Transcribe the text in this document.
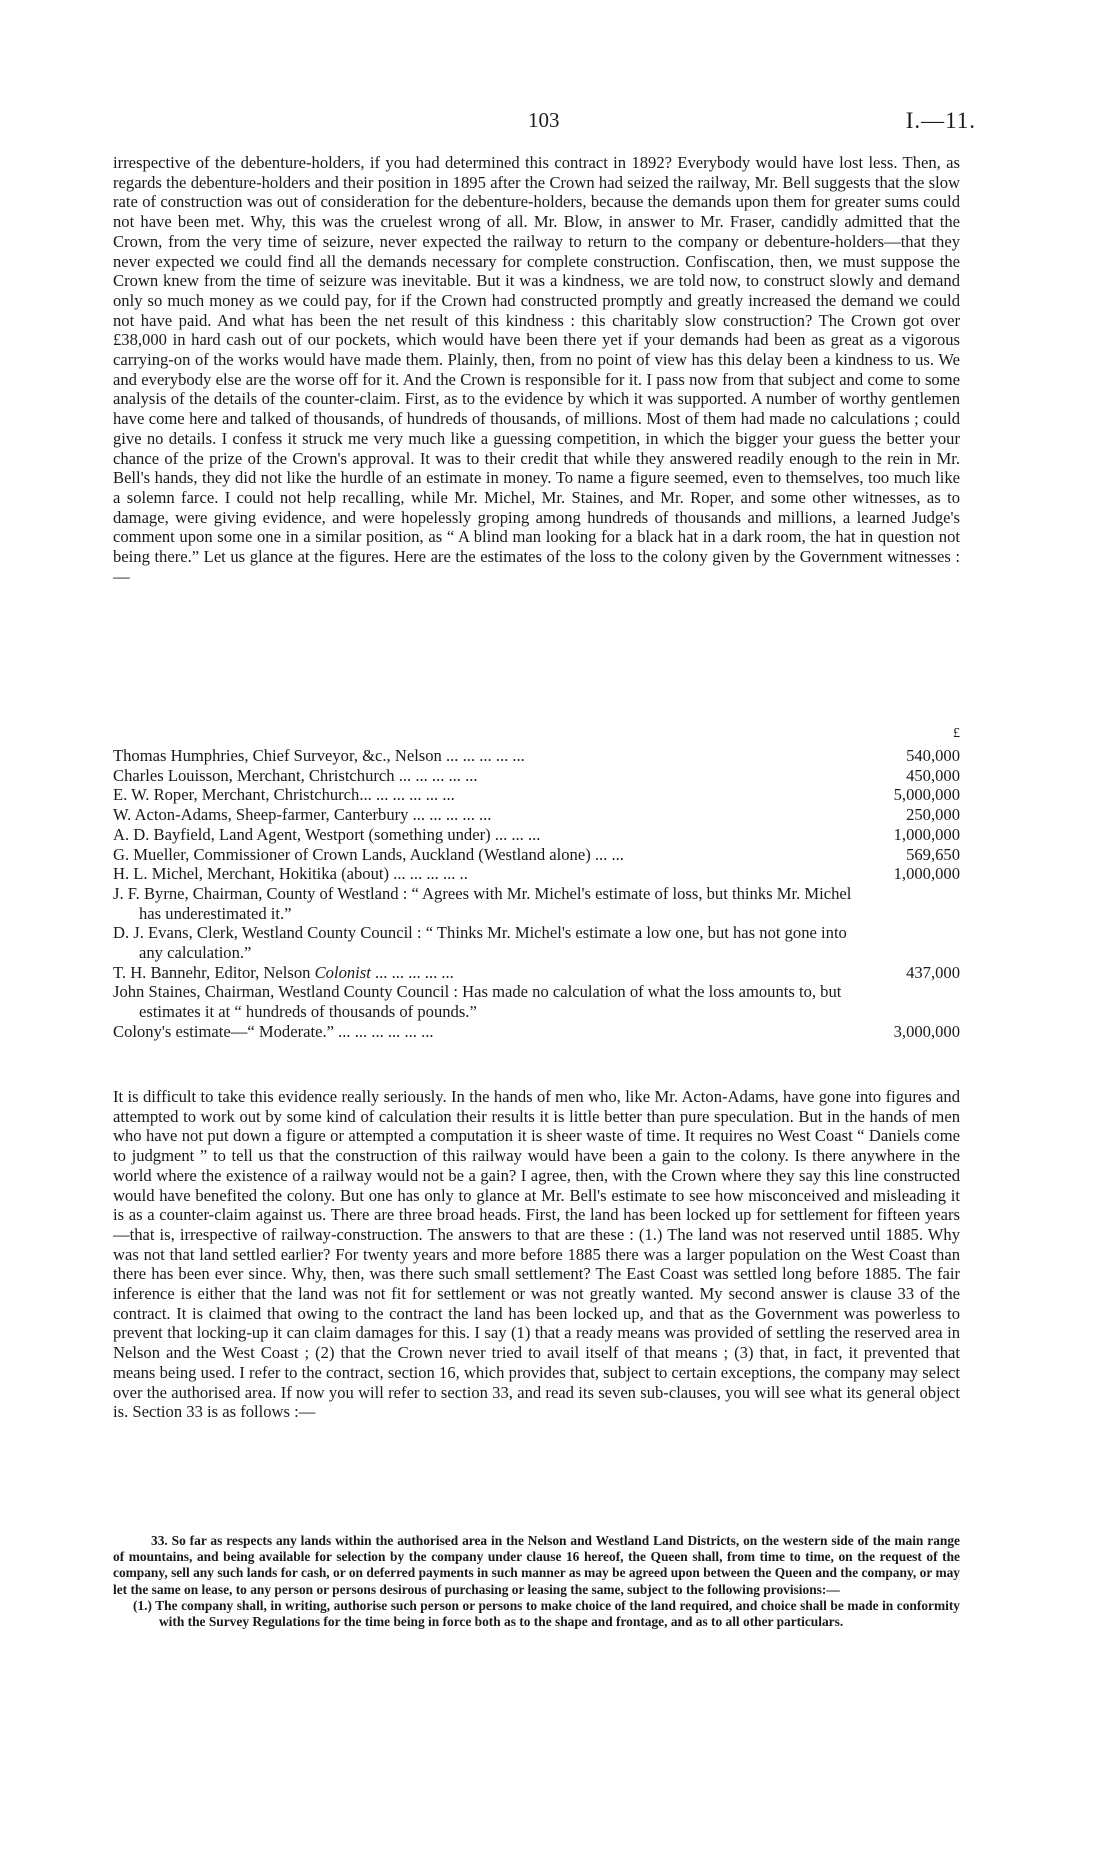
103	I.—11.

irrespective of the debenture-holders, if you had determined this contract in 1892? Everybody would have lost less. Then, as regards the debenture-holders and their position in 1895 after the Crown had seized the railway, Mr. Bell suggests that the slow rate of construction was out of consideration for the debenture-holders, because the demands upon them for greater sums could not have been met. Why, this was the cruelest wrong of all. Mr. Blow, in answer to Mr. Fraser, candidly admitted that the Crown, from the very time of seizure, never expected the railway to return to the company or debenture-holders—that they never expected we could find all the demands necessary for complete construction. Confiscation, then, we must suppose the Crown knew from the time of seizure was inevitable. But it was a kindness, we are told now, to construct slowly and demand only so much money as we could pay, for if the Crown had constructed promptly and greatly increased the demand we could not have paid. And what has been the net result of this kindness : this charitably slow construction? The Crown got over £38,000 in hard cash out of our pockets, which would have been there yet if your demands had been as great as a vigorous carrying-on of the works would have made them. Plainly, then, from no point of view has this delay been a kindness to us. We and everybody else are the worse off for it. And the Crown is responsible for it. I pass now from that subject and come to some analysis of the details of the counter-claim. First, as to the evidence by which it was supported. A number of worthy gentlemen have come here and talked of thousands, of hundreds of thousands, of millions. Most of them had made no calculations ; could give no details. I confess it struck me very much like a guessing competition, in which the bigger your guess the better your chance of the prize of the Crown's approval. It was to their credit that while they answered readily enough to the rein in Mr. Bell's hands, they did not like the hurdle of an estimate in money. To name a figure seemed, even to themselves, too much like a solemn farce. I could not help recalling, while Mr. Michel, Mr. Staines, and Mr. Roper, and some other witnesses, as to damage, were giving evidence, and were hopelessly groping among hundreds of thousands and millions, a learned Judge's comment upon some one in a similar position, as “ A blind man looking for a black hat in a dark room, the hat in question not being there.” Let us glance at the figures. Here are the estimates of the loss to the colony given by the Government witnesses :—

£
Thomas Humphries, Chief Surveyor, &c., Nelson ... ... ... ... ...	540,000
Charles Louisson, Merchant, Christchurch ... ... ... ... ...	450,000
E. W. Roper, Merchant, Christchurch... ... ... ... ... ...	5,000,000
W. Acton-Adams, Sheep-farmer, Canterbury ... ... ... ... ...	250,000
A. D. Bayfield, Land Agent, Westport (something under) ... ... ...	1,000,000
G. Mueller, Commissioner of Crown Lands, Auckland (Westland alone) ... ...	569,650
H. L. Michel, Merchant, Hokitika (about) ... ... ... ... ..	1,000,000
J. F. Byrne, Chairman, County of Westland : “ Agrees with Mr. Michel's estimate of loss, but thinks Mr. Michel has underestimated it.”
D. J. Evans, Clerk, Westland County Council : “ Thinks Mr. Michel's estimate a low one, but has not gone into any calculation.”
T. H. Bannehr, Editor, Nelson Colonist ... ... ... ... ...	437,000
John Staines, Chairman, Westland County Council : Has made no calculation of what the loss amounts to, but estimates it at “ hundreds of thousands of pounds.”
Colony's estimate—“ Moderate.” ... ... ... ... ... ...	3,000,000

It is difficult to take this evidence really seriously. In the hands of men who, like Mr. Acton-Adams, have gone into figures and attempted to work out by some kind of calculation their results it is little better than pure speculation. But in the hands of men who have not put down a figure or attempted a computation it is sheer waste of time. It requires no West Coast “ Daniels come to judgment ” to tell us that the construction of this railway would have been a gain to the colony. Is there anywhere in the world where the existence of a railway would not be a gain? I agree, then, with the Crown where they say this line constructed would have benefited the colony. But one has only to glance at Mr. Bell's estimate to see how misconceived and misleading it is as a counter-claim against us. There are three broad heads. First, the land has been locked up for settlement for fifteen years—that is, irrespective of railway-construction. The answers to that are these : (1.) The land was not reserved until 1885. Why was not that land settled earlier? For twenty years and more before 1885 there was a larger population on the West Coast than there has been ever since. Why, then, was there such small settlement? The East Coast was settled long before 1885. The fair inference is either that the land was not fit for settlement or was not greatly wanted. My second answer is clause 33 of the contract. It is claimed that owing to the contract the land has been locked up, and that as the Government was powerless to prevent that locking-up it can claim damages for this. I say (1) that a ready means was provided of settling the reserved area in Nelson and the West Coast ; (2) that the Crown never tried to avail itself of that means ; (3) that, in fact, it prevented that means being used. I refer to the contract, section 16, which provides that, subject to certain exceptions, the company may select over the authorised area. If now you will refer to section 33, and read its seven sub-clauses, you will see what its general object is. Section 33 is as follows :—

33. So far as respects any lands within the authorised area in the Nelson and Westland Land Districts, on the western side of the main range of mountains, and being available for selection by the company under clause 16 hereof, the Queen shall, from time to time, on the request of the company, sell any such lands for cash, or on deferred payments in such manner as may be agreed upon between the Queen and the company, or may let the same on lease, to any person or persons desirous of purchasing or leasing the same, subject to the following provisions:—

(1.) The company shall, in writing, authorise such person or persons to make choice of the land required, and choice shall be made in conformity with the Survey Regulations for the time being in force both as to the shape and frontage, and as to all other particulars.
